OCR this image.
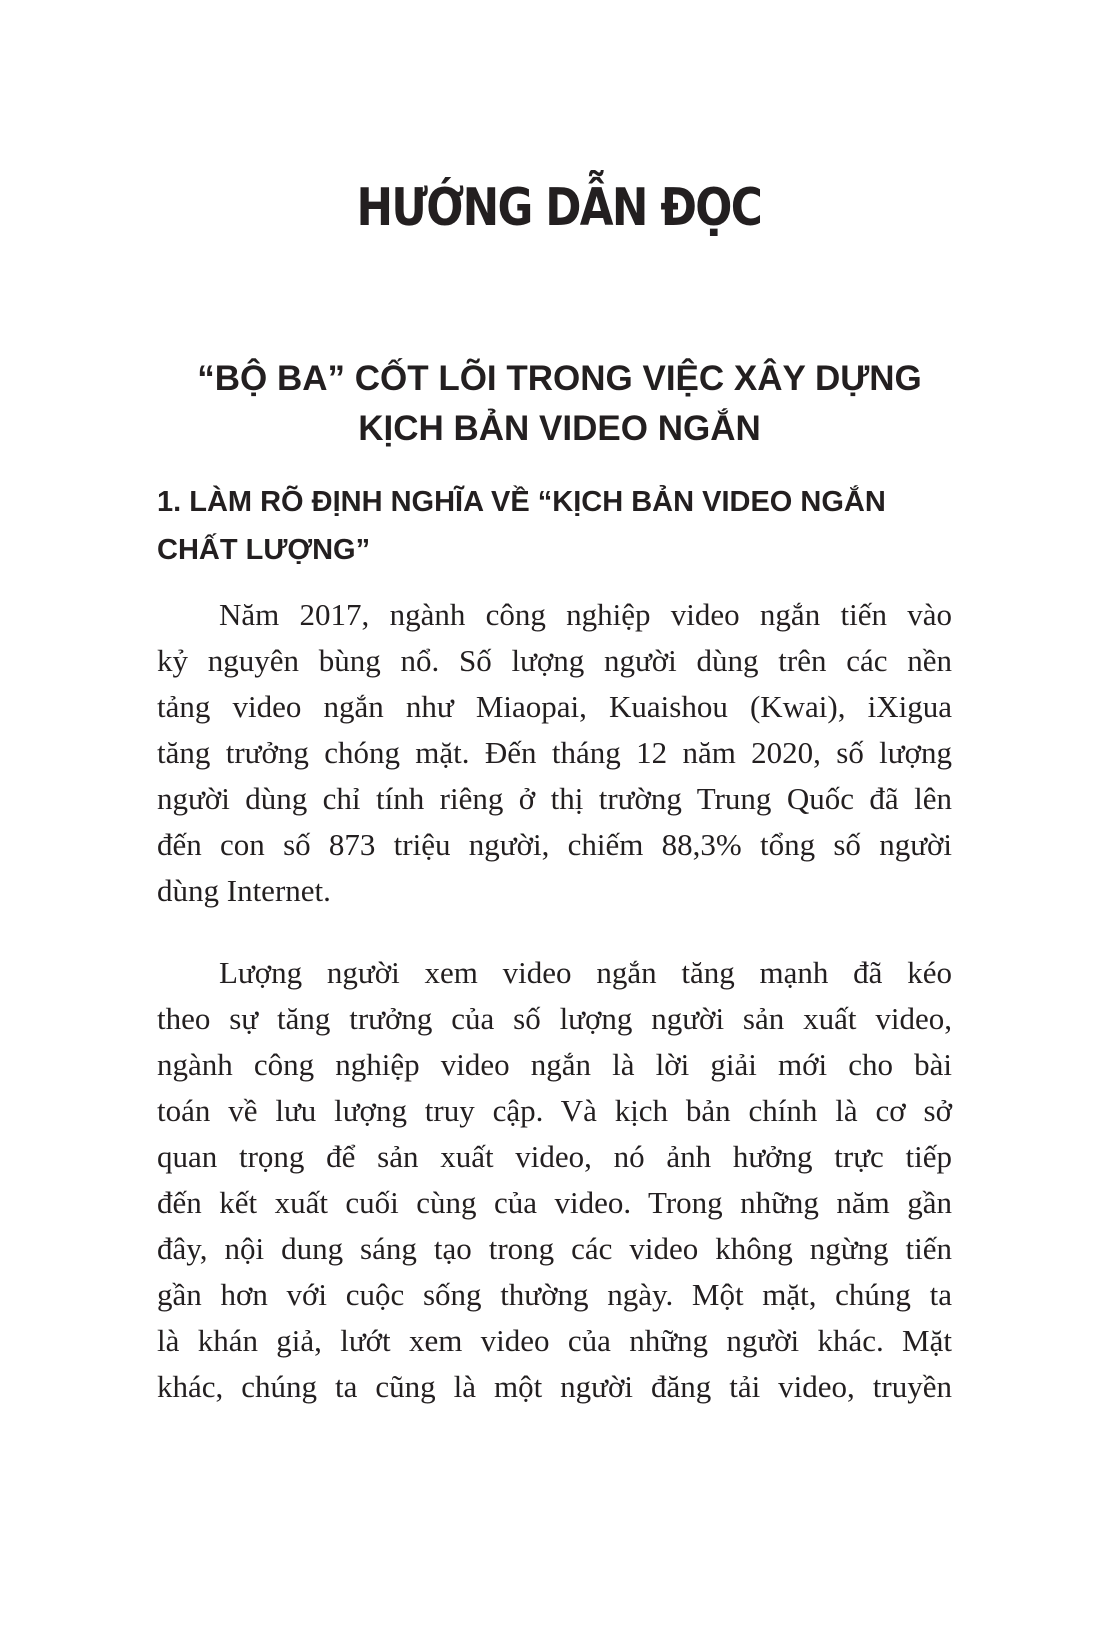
HƯỚNG DẪN ĐỌC
“BỘ BA” CỐT LÕI TRONG VIỆC XÂY DỰNG
KỊCH BẢN VIDEO NGẮN
1. LÀM RÕ ĐỊNH NGHĨA VỀ “KỊCH BẢN VIDEO NGẮN
CHẤT LƯỢNG”

Năm 2017, ngành công nghiệp video ngắn tiến vào
kỷ nguyên bùng nổ. Số lượng người dùng trên các nền
tảng video ngắn như Miaopai, Kuaishou (Kwai), iXigua
tăng trưởng chóng mặt. Đến tháng 12 năm 2020, số lượng
người dùng chỉ tính riêng ở thị trường Trung Quốc đã lên
đến con số 873 triệu người, chiếm 88,3% tổng số người
dùng Internet.

Lượng người xem video ngắn tăng mạnh đã kéo
theo sự tăng trưởng của số lượng người sản xuất video,
ngành công nghiệp video ngắn là lời giải mới cho bài
toán về lưu lượng truy cập. Và kịch bản chính là cơ sở
quan trọng để sản xuất video, nó ảnh hưởng trực tiếp
đến kết xuất cuối cùng của video. Trong những năm gần
đây, nội dung sáng tạo trong các video không ngừng tiến
gần hơn với cuộc sống thường ngày. Một mặt, chúng ta
là khán giả, lướt xem video của những người khác. Mặt
khác, chúng ta cũng là một người đăng tải video, truyền
